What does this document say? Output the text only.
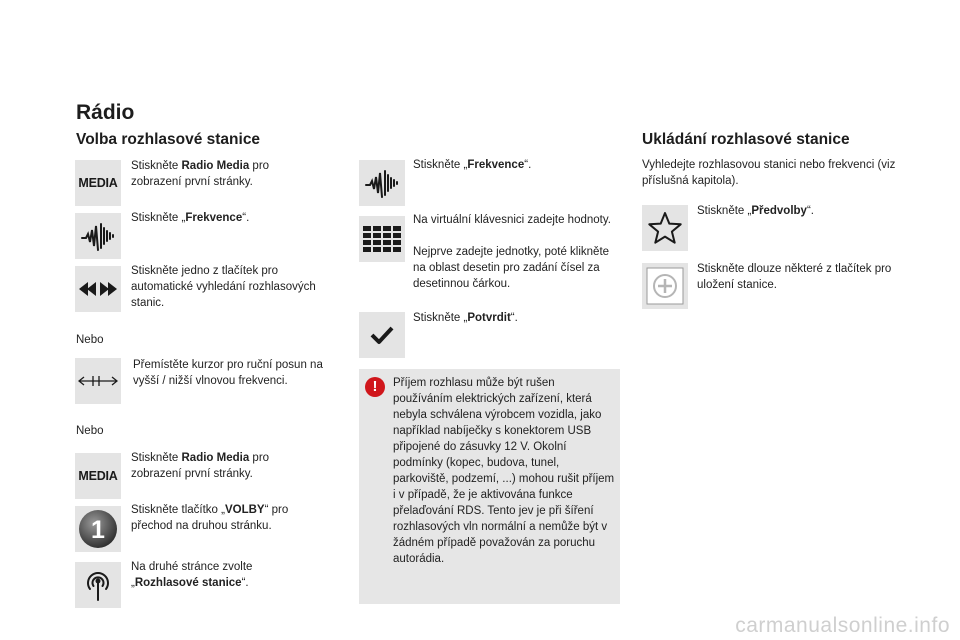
Rádio
Volba rozhlasové stanice
MEDIA
Stiskněte Radio Media pro zobrazení první stránky.
Stiskněte „Frekvence“.
Stiskněte jedno z tlačítek pro automatické vyhledání rozhlasových stanic.
Nebo
Přemístěte kurzor pro ruční posun na vyšší / nižší vlnovou frekvenci.
Nebo
MEDIA
Stiskněte Radio Media pro zobrazení první stránky.
1
Stiskněte tlačítko „VOLBY“ pro přechod na druhou stránku.
Na druhé stránce zvolte „Rozhlasové stanice“.
Stiskněte „Frekvence“.
Na virtuální klávesnici zadejte hodnoty.
Nejprve zadejte jednotky, poté klikněte na oblast desetin pro zadání čísel za desetinnou čárkou.
Stiskněte „Potvrdit“.
!	Příjem rozhlasu může být rušen používáním elektrických zařízení, která nebyla schválena výrobcem vozidla, jako například nabíječky s konektorem USB připojené do zásuvky 12 V. Okolní podmínky (kopec, budova, tunel, parkoviště, podzemí, ...) mohou rušit příjem i v případě, že je aktivována funkce přelaďování RDS. Tento jev je při šíření rozhlasových vln normální a nemůže být v žádném případě považován za poruchu autorádia.
Ukládání rozhlasové stanice
Vyhledejte rozhlasovou stanici nebo frekvenci (viz příslušná kapitola).
Stiskněte „Předvolby“.
Stiskněte dlouze některé z tlačítek pro uložení stanice.
carmanualsonline.info
